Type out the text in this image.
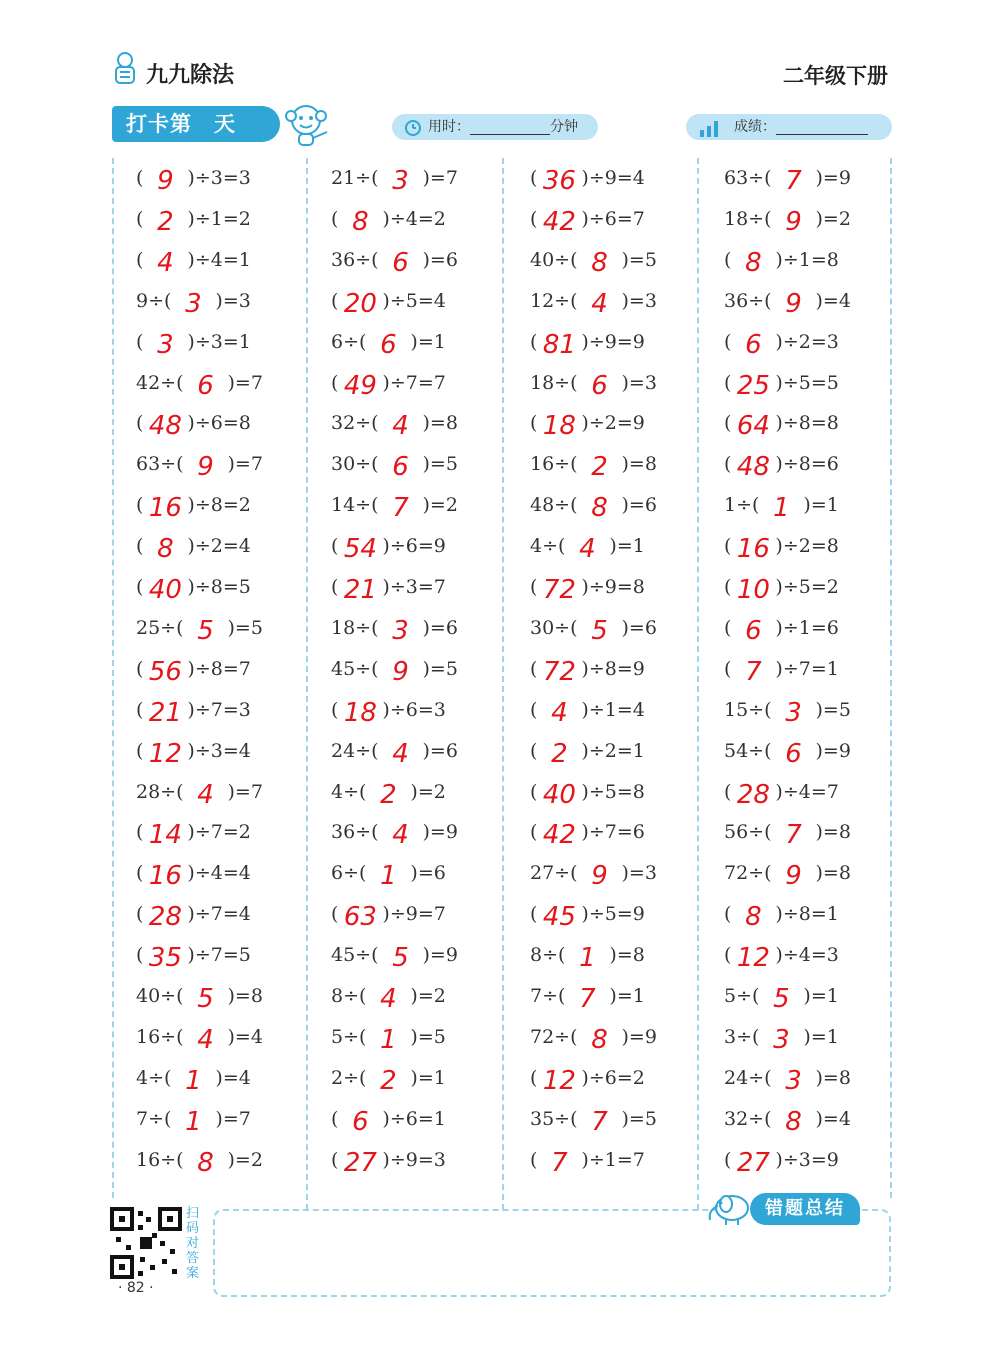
九九除法	二年级下册
打卡第　天	用时：	分钟	成绩：
( 9 )÷3=3
( 2 )÷1=2
( 4 )÷4=1
9÷( 3 )=3
( 3 )÷3=1
42÷( 6 )=7
( 48 )÷6=8
63÷( 9 )=7
( 16 )÷8=2
( 8 )÷2=4
( 40 )÷8=5
25÷( 5 )=5
( 56 )÷8=7
( 21 )÷7=3
( 12 )÷3=4
28÷( 4 )=7
( 14 )÷7=2
( 16 )÷4=4
( 28 )÷7=4
( 35 )÷7=5
40÷( 5 )=8
16÷( 4 )=4
4÷( 1 )=4
7÷( 1 )=7
16÷( 8 )=2
21÷( 3 )=7
( 8 )÷4=2
36÷( 6 )=6
( 20 )÷5=4
6÷( 6 )=1
( 49 )÷7=7
32÷( 4 )=8
30÷( 6 )=5
14÷( 7 )=2
( 54 )÷6=9
( 21 )÷3=7
18÷( 3 )=6
45÷( 9 )=5
( 18 )÷6=3
24÷( 4 )=6
4÷( 2 )=2
36÷( 4 )=9
6÷( 1 )=6
( 63 )÷9=7
45÷( 5 )=9
8÷( 4 )=2
5÷( 1 )=5
2÷( 2 )=1
( 6 )÷6=1
( 27 )÷9=3
( 36 )÷9=4
( 42 )÷6=7
40÷( 8 )=5
12÷( 4 )=3
( 81 )÷9=9
18÷( 6 )=3
( 18 )÷2=9
16÷( 2 )=8
48÷( 8 )=6
4÷( 4 )=1
( 72 )÷9=8
30÷( 5 )=6
( 72 )÷8=9
( 4 )÷1=4
( 2 )÷2=1
( 40 )÷5=8
( 42 )÷7=6
27÷( 9 )=3
( 45 )÷5=9
8÷( 1 )=8
7÷( 7 )=1
72÷( 8 )=9
( 12 )÷6=2
35÷( 7 )=5
( 7 )÷1=7
63÷( 7 )=9
18÷( 9 )=2
( 8 )÷1=8
36÷( 9 )=4
( 6 )÷2=3
( 25 )÷5=5
( 64 )÷8=8
( 48 )÷8=6
1÷( 1 )=1
( 16 )÷2=8
( 10 )÷5=2
( 6 )÷1=6
( 7 )÷7=1
15÷( 3 )=5
54÷( 6 )=9
( 28 )÷4=7
56÷( 7 )=8
72÷( 9 )=8
( 8 )÷8=1
( 12 )÷4=3
5÷( 5 )=1
3÷( 3 )=1
24÷( 3 )=8
32÷( 8 )=4
( 27 )÷3=9
扫码对答案
· 82 ·
错题总结
